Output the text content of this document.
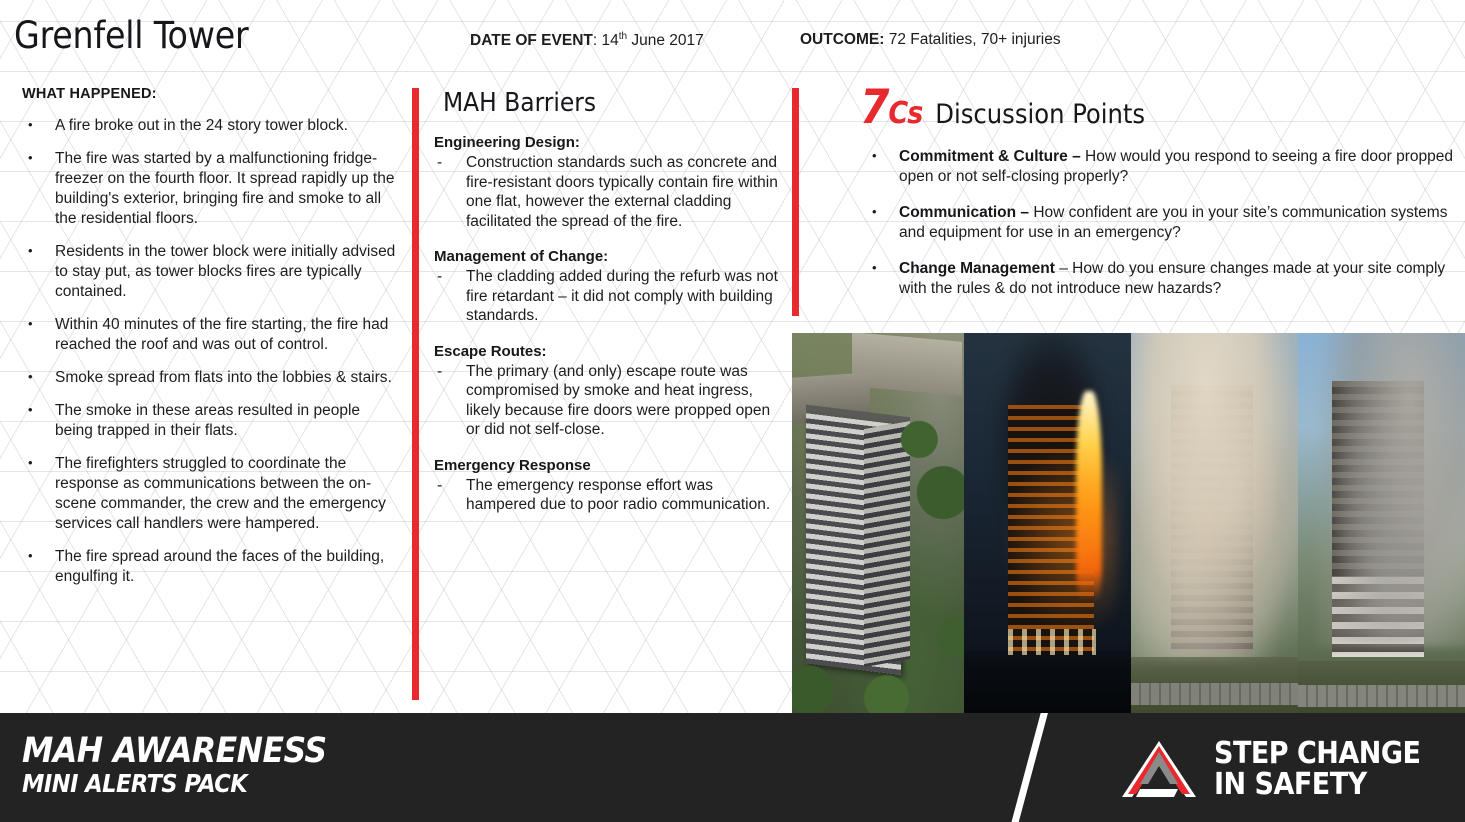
Grenfell Tower	DATE OF EVENT: 14th June 2017	OUTCOME: 72 Fatalities, 70+ injuries
WHAT HAPPENED:
• A fire broke out in the 24 story tower block.
• The fire was started by a malfunctioning fridge-freezer on the fourth floor. It spread rapidly up the building's exterior, bringing fire and smoke to all the residential floors.
• Residents in the tower block were initially advised to stay put, as tower blocks fires are typically contained.
• Within 40 minutes of the fire starting, the fire had reached the roof and was out of control.
• Smoke spread from flats into the lobbies & stairs.
• The smoke in these areas resulted in people being trapped in their flats.
• The firefighters struggled to coordinate the response as communications between the on-scene commander, the crew and the emergency services call handlers were hampered.
• The fire spread around the faces of the building, engulfing it.
MAH Barriers
Engineering Design:
- Construction standards such as concrete and fire-resistant doors typically contain fire within one flat, however the external cladding facilitated the spread of the fire.
Management of Change:
- The cladding added during the refurb was not fire retardant – it did not comply with building standards.
Escape Routes:
- The primary (and only) escape route was compromised by smoke and heat ingress, likely because fire doors were propped open or did not self-close.
Emergency Response
- The emergency response effort was hampered due to poor radio communication.
7Cs Discussion Points
• Commitment & Culture – How would you respond to seeing a fire door propped open or not self-closing properly?
• Communication – How confident are you in your site’s communication systems and equipment for use in an emergency?
• Change Management – How do you ensure changes made at your site comply with the rules & do not introduce new hazards?
MAH AWARENESS
MINI ALERTS PACK
STEP CHANGE
IN SAFETY
